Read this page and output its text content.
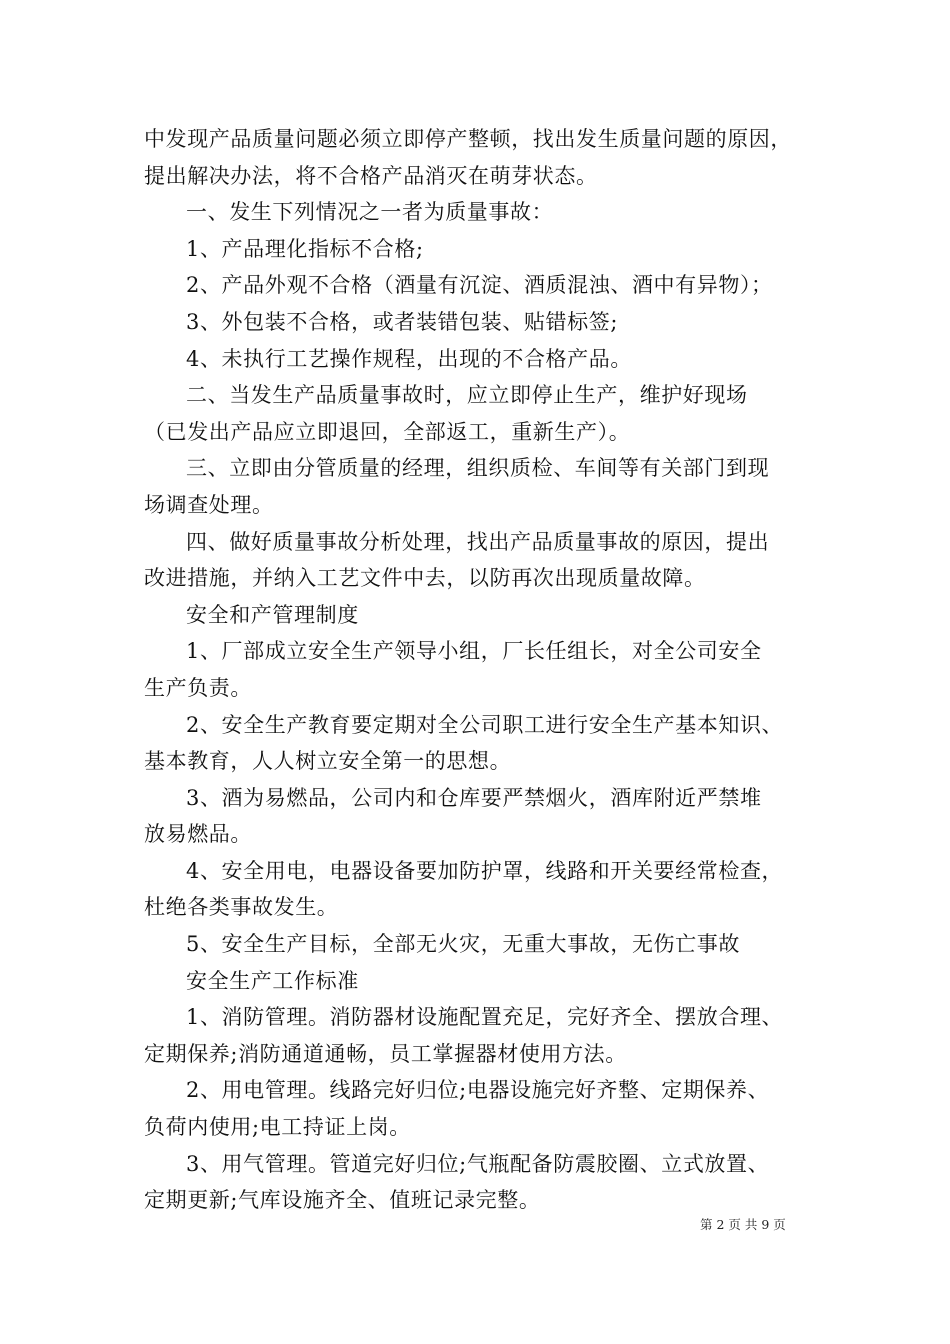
中发现产品质量问题必须立即停产整顿，找出发生质量问题的原因，
提出解决办法，将不合格产品消灭在萌芽状态。
一、发生下列情况之一者为质量事故：
1、产品理化指标不合格;
2、产品外观不合格（酒量有沉淀、酒质混浊、酒中有异物）；
3、外包装不合格，或者装错包装、贴错标签;
4、未执行工艺操作规程，出现的不合格产品。
二、当发生产品质量事故时，应立即停止生产，维护好现场
（已发出产品应立即退回，全部返工，重新生产）。
三、立即由分管质量的经理，组织质检、车间等有关部门到现
场调查处理。
四、做好质量事故分析处理，找出产品质量事故的原因，提出
改进措施，并纳入工艺文件中去，以防再次出现质量故障。
安全和产管理制度
1、厂部成立安全生产领导小组，厂长任组长，对全公司安全
生产负责。
2、安全生产教育要定期对全公司职工进行安全生产基本知识、
基本教育，人人树立安全第一的思想。
3、酒为易燃品，公司内和仓库要严禁烟火，酒库附近严禁堆
放易燃品。
4、安全用电，电器设备要加防护罩，线路和开关要经常检查，
杜绝各类事故发生。
5、安全生产目标，全部无火灾，无重大事故，无伤亡事故
安全生产工作标准
1、消防管理。消防器材设施配置充足，完好齐全、摆放合理、
定期保养;消防通道通畅，员工掌握器材使用方法。
2、用电管理。线路完好归位;电器设施完好齐整、定期保养、
负荷内使用;电工持证上岗。
3、用气管理。管道完好归位;气瓶配备防震胶圈、立式放置、
定期更新;气库设施齐全、值班记录完整。
第 2 页 共 9 页
